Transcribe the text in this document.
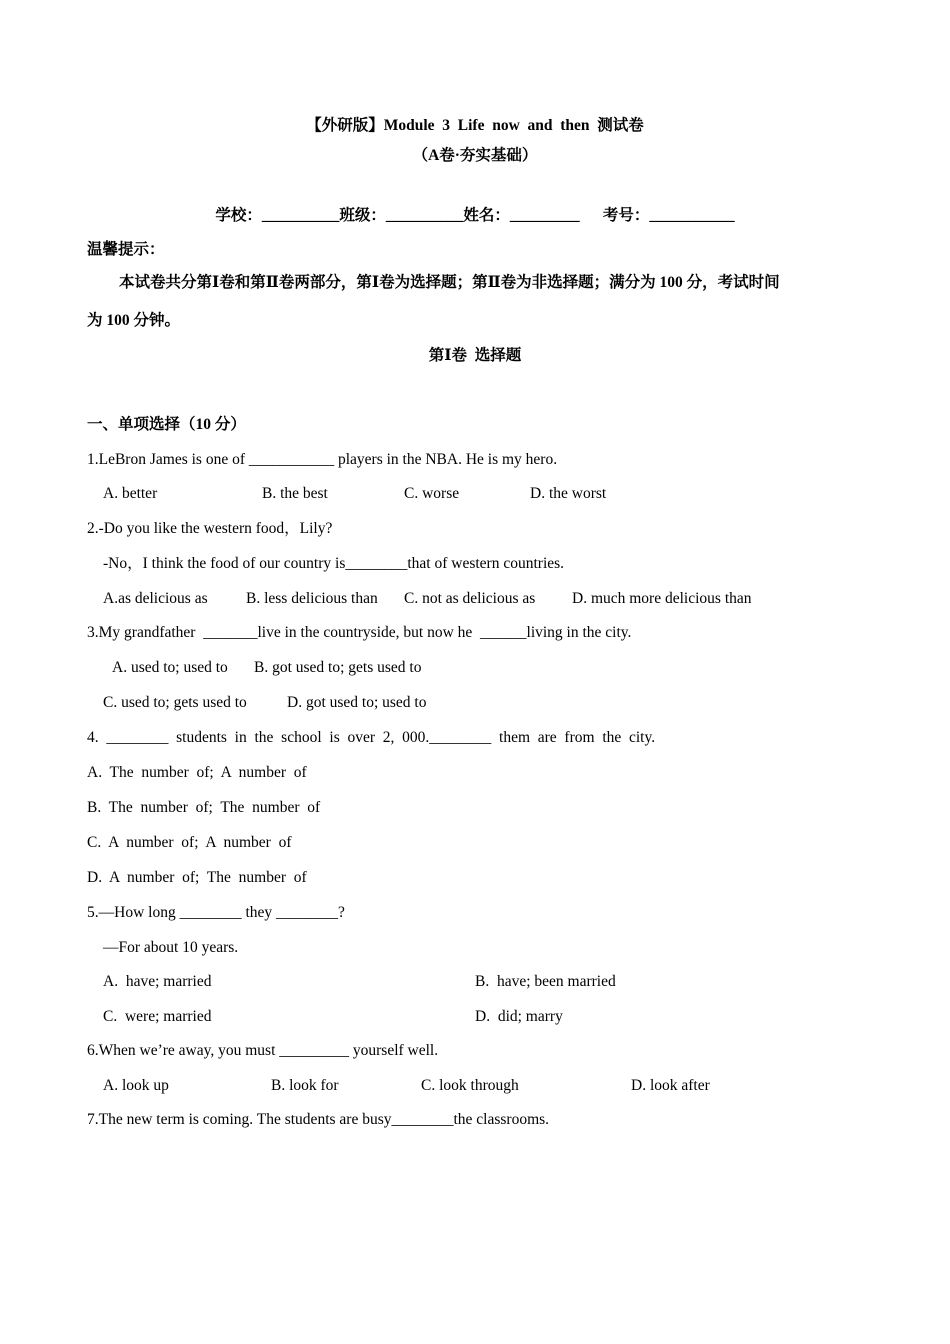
【外研版】Module  3  Life  now  and  then  测试卷
（A卷·夯实基础）
学校：__________班级：__________姓名：_________      考号：___________
温馨提示：
本试卷共分第Ⅰ卷和第Ⅱ卷两部分，第Ⅰ卷为选择题；第Ⅱ卷为非选择题；满分为 100 分，考试时间
为 100 分钟。
第Ⅰ卷  选择题
一、单项选择（10 分）
1.LeBron James is one of ___________ players in the NBA. He is my hero.
A. better	B. the best	C. worse	D. the worst
2.-Do you like the western food，Lily?
-No，I think the food of our country is________that of western countries.
A.as delicious as B. less delicious than C. not as delicious as D. much more delicious than
3.My grandfather  _______live in the countryside, but now he  ______living in the city.
A. used to; used to B. got used to; gets used to
C. used to; gets used to	D. got used to; used to
4.  ________  students  in  the  school  is  over  2,  000.________  them  are  from  the  city.
A.  The  number  of;  A  number  of
B.  The  number  of;  The  number  of
C.  A  number  of;  A  number  of
D.  A  number  of;  The  number  of
5.—How long ________ they ________?
—For about 10 years.
A.  have; married	B.  have; been married
C.  were; married	D.  did; marry
6.When we’re away, you must _________ yourself well.
A. look up	B. look for	C. look through	D. look after
7.The new term is coming. The students are busy________the classrooms.
